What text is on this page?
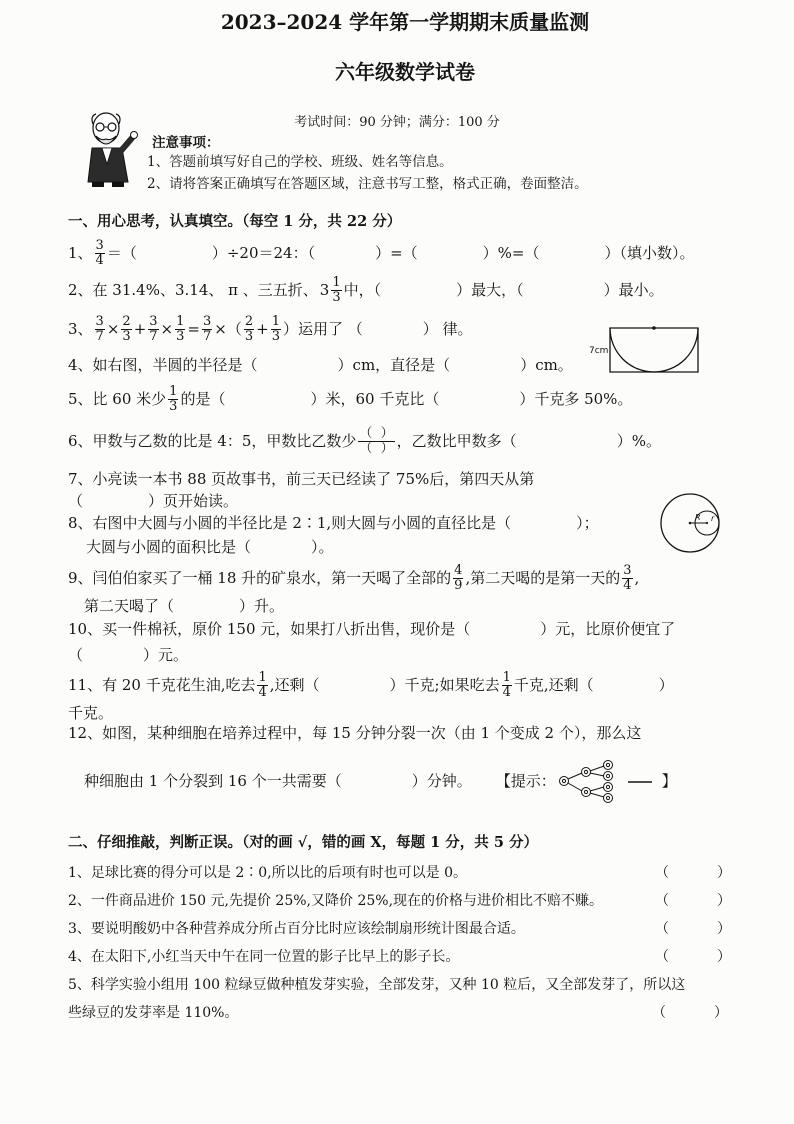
2023–2024 学年第一学期期末质量监测
六年级数学试卷
考试时间：90 分钟；满分：100 分
注意事项：
1、答题前填写好自己的学校、班级、姓名等信息。
2、请将答案正确填写在答题区域，注意书写工整，格式正确，卷面整洁。
一、用心思考，认真填空。（每空 1 分，共 22 分）
1、 $\frac{3}{4}$ ＝（	）÷20＝24：（	）=（	）%=（	）（填小数）。
2、在 31.4%、3.14、 π 、三五折、 $3 \frac{1}{3}$ 中，（	）最大，（	）最小。
3、 $\frac{3}{7} \times \frac{2}{3} + \frac{3}{7} \times \frac{1}{3} = \frac{3}{7}$ ×（ $\frac{2}{3} + \frac{1}{3}$ ）运用了 （	） 律。
4、如右图，半圆的半径是（	）cm，直径是（	）cm。
7cm
5、比 60 米少 $\frac{1}{3}$ 的是（	）米，60 千克比（	）千克多 50%。
6、甲数与乙数的比是 4：5，甲数比乙数少 $\frac{( )}{( )}$ ，乙数比甲数多（	）%。
7、小亮读一本书 88 页故事书，前三天已经读了 75%后，第四天从第
（	）页开始读。
8、右图中大圆与小圆的半径比是 2∶1,则大圆与小圆的直径比是（	）；
大圆与小圆的面积比是（	）。
R r
9、闫伯伯家买了一桶 18 升的矿泉水，第一天喝了全部的 $\frac{4}{9}$ ,第二天喝的是第一天的 $\frac{3}{4}$ ,
第二天喝了（	）升。
10、买一件棉袄，原价 150 元，如果打八折出售，现价是（	）元，比原价便宜了
（	）元。
11、有 20 千克花生油,吃去 $\frac{1}{4}$ ,还剩（	）千克;如果吃去 $\frac{1}{4}$ 千克,还剩（	）
千克。
12、如图，某种细胞在培养过程中，每 15 分钟分裂一次（由 1 个变成 2 个），那么这
种细胞由 1 个分裂到 16 个一共需要（	）分钟。 【提示：	】
二、仔细推敲，判断正误。（对的画 √，错的画 X，每题 1 分，共 5 分）
1、足球比赛的得分可以是 2∶0,所以比的后项有时也可以是 0。	（	）
2、一件商品进价 150 元,先提价 25%,又降价 25%,现在的价格与进价相比不赔不赚。	（	）
3、要说明酸奶中各种营养成分所占百分比时应该绘制扇形统计图最合适。	（	）
4、在太阳下,小红当天中午在同一位置的影子比早上的影子长。	（	）
5、科学实验小组用 100 粒绿豆做种植发芽实验，全部发芽，又种 10 粒后，又全部发芽了，所以这
些绿豆的发芽率是 110%。	（	）
